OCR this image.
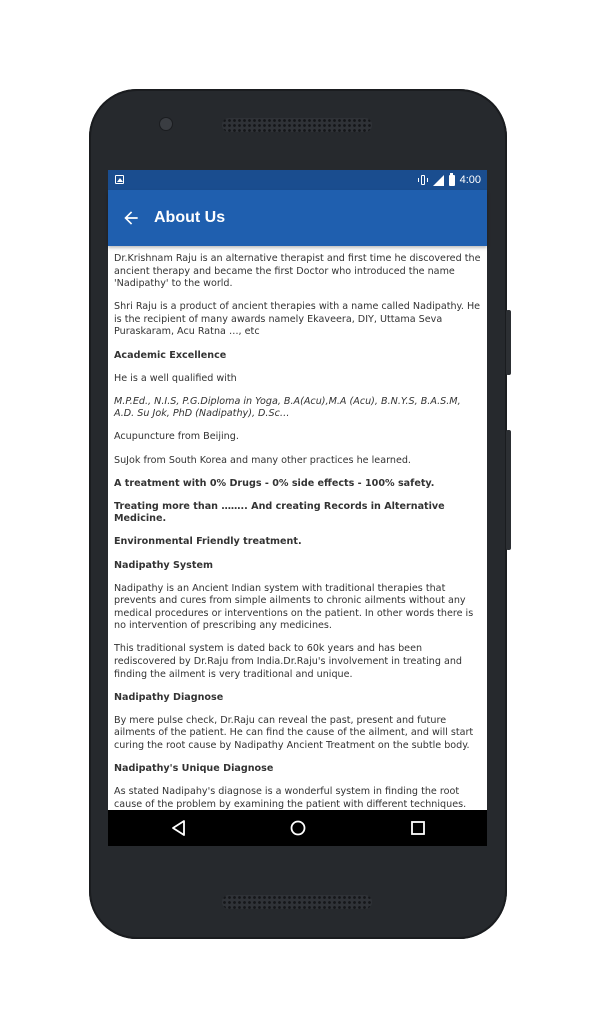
4:00
About Us

Dr.Krishnam Raju is an alternative therapist and first time he discovered the ancient therapy and became the first Doctor who introduced the name 'Nadipathy' to the world.

Shri Raju is a product of ancient therapies with a name called Nadipathy. He is the recipient of many awards namely Ekaveera, DIY, Uttama Seva Puraskaram, Acu Ratna …, etc

Academic Excellence

He is a well qualified with

M.P.Ed., N.I.S, P.G.Diploma in Yoga, B.A(Acu),M.A (Acu), B.N.Y.S, B.A.S.M, A.D. Su Jok, PhD (Nadipathy), D.Sc…

Acupuncture from Beijing.

SuJok from South Korea and many other practices he learned.

A treatment with 0% Drugs - 0% side effects - 100% safety.

Treating more than …….. And creating Records in Alternative Medicine.

Environmental Friendly treatment.

Nadipathy System

Nadipathy is an Ancient Indian system with traditional therapies that prevents and cures from simple ailments to chronic ailments without any medical procedures or interventions on the patient. In other words there is no intervention of prescribing any medicines.

This traditional system is dated back to 60k years and has been rediscovered by Dr.Raju from India.Dr.Raju's involvement in treating and finding the ailment is very traditional and unique.

Nadipathy Diagnose

By mere pulse check, Dr.Raju can reveal the past, present and future ailments of the patient. He can find the cause of the ailment, and will start curing the root cause by Nadipathy Ancient Treatment on the subtle body.

Nadipathy's Unique Diagnose

As stated Nadipahy's diagnose is a wonderful system in finding the root cause of the problem by examining the patient with different techniques.
